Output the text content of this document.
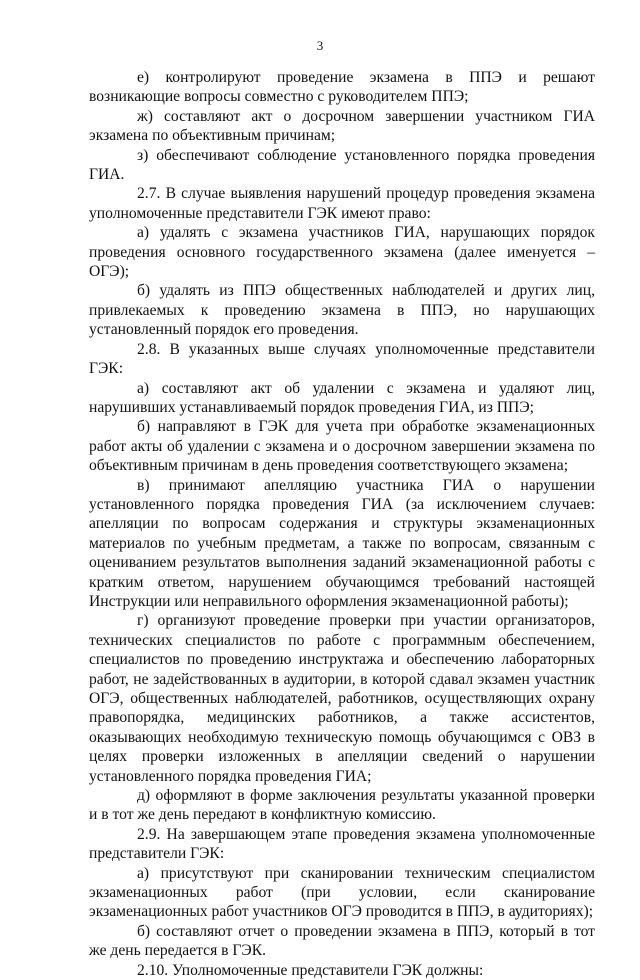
3

е) контролируют проведение экзамена в ППЭ и решают возникающие вопросы совместно с руководителем ППЭ;

ж) составляют акт о досрочном завершении участником ГИА экзамена по объективным причинам;

з) обеспечивают соблюдение установленного порядка проведения ГИА.

2.7. В случае выявления нарушений процедур проведения экзамена уполномоченные представители ГЭК имеют право:

а) удалять с экзамена участников ГИА, нарушающих порядок проведения основного государственного экзамена (далее именуется – ОГЭ);

б) удалять из ППЭ общественных наблюдателей и других лиц, привлекаемых к проведению экзамена в ППЭ, но нарушающих установленный порядок его проведения.

2.8. В указанных выше случаях уполномоченные представители ГЭК:

а) составляют акт об удалении с экзамена и удаляют лиц, нарушивших устанавливаемый порядок проведения ГИА, из ППЭ;

б) направляют в ГЭК для учета при обработке экзаменационных работ акты об удалении с экзамена и о досрочном завершении экзамена по объективным причинам в день проведения соответствующего экзамена;

в) принимают апелляцию участника ГИА о нарушении установленного порядка проведения ГИА (за исключением случаев: апелляции по вопросам содержания и структуры экзаменационных материалов по учебным предметам, а также по вопросам, связанным с оцениванием результатов выполнения заданий экзаменационной работы с кратким ответом, нарушением обучающимся требований настоящей Инструкции или неправильного оформления экзаменационной работы);

г) организуют проведение проверки при участии организаторов, технических специалистов по работе с программным обеспечением, специалистов по проведению инструктажа и обеспечению лабораторных работ, не задействованных в аудитории, в которой сдавал экзамен участник ОГЭ, общественных наблюдателей, работников, осуществляющих охрану правопорядка, медицинских работников, а также ассистентов, оказывающих необходимую техническую помощь обучающимся с ОВЗ в целях проверки изложенных в апелляции сведений о нарушении установленного порядка проведения ГИА;

д) оформляют в форме заключения результаты указанной проверки и в тот же день передают в конфликтную комиссию.

2.9. На завершающем этапе проведения экзамена уполномоченные представители ГЭК:

а) присутствуют при сканировании техническим специалистом экзаменационных работ (при условии, если сканирование экзаменационных работ участников ОГЭ проводится в ППЭ, в аудиториях);

б) составляют отчет о проведении экзамена в ППЭ, который в тот же день передается в ГЭК.

2.10. Уполномоченные представители ГЭК должны:
